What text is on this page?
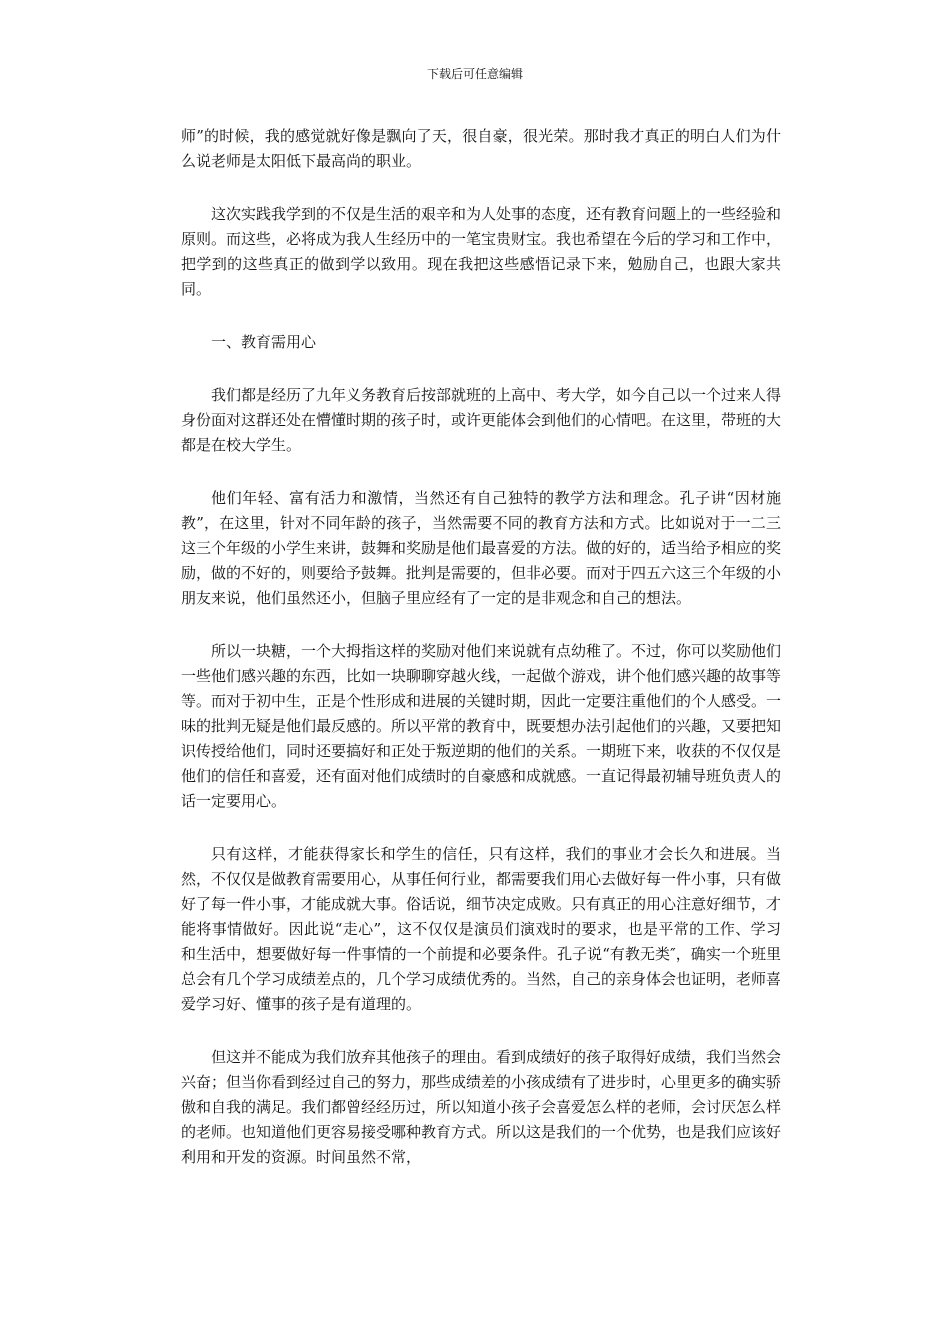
下载后可任意编辑

师”的时候，我的感觉就好像是飘向了天，很自豪，很光荣。那时我才真正的明白人们为什么说老师是太阳低下最高尚的职业。

这次实践我学到的不仅是生活的艰辛和为人处事的态度，还有教育问题上的一些经验和原则。而这些，必将成为我人生经历中的一笔宝贵财宝。我也希望在今后的学习和工作中，把学到的这些真正的做到学以致用。现在我把这些感悟记录下来，勉励自己，也跟大家共同。

一、教育需用心

我们都是经历了九年义务教育后按部就班的上高中、考大学，如今自己以一个过来人得身份面对这群还处在懵懂时期的孩子时，或许更能体会到他们的心情吧。在这里，带班的大都是在校大学生。

他们年轻、富有活力和激情，当然还有自己独特的教学方法和理念。孔子讲“因材施教”，在这里，针对不同年龄的孩子，当然需要不同的教育方法和方式。比如说对于一二三这三个年级的小学生来讲，鼓舞和奖励是他们最喜爱的方法。做的好的，适当给予相应的奖励，做的不好的，则要给予鼓舞。批判是需要的，但非必要。而对于四五六这三个年级的小朋友来说，他们虽然还小，但脑子里应经有了一定的是非观念和自己的想法。

所以一块糖，一个大拇指这样的奖励对他们来说就有点幼稚了。不过，你可以奖励他们一些他们感兴趣的东西，比如一块聊聊穿越火线，一起做个游戏，讲个他们感兴趣的故事等等。而对于初中生，正是个性形成和进展的关键时期，因此一定要注重他们的个人感受。一味的批判无疑是他们最反感的。所以平常的教育中，既要想办法引起他们的兴趣，又要把知识传授给他们，同时还要搞好和正处于叛逆期的他们的关系。一期班下来，收获的不仅仅是他们的信任和喜爱，还有面对他们成绩时的自豪感和成就感。一直记得最初辅导班负责人的话一定要用心。

只有这样，才能获得家长和学生的信任，只有这样，我们的事业才会长久和进展。当然，不仅仅是做教育需要用心，从事任何行业，都需要我们用心去做好每一件小事，只有做好了每一件小事，才能成就大事。俗话说，细节决定成败。只有真正的用心注意好细节，才能将事情做好。因此说“走心”，这不仅仅是演员们演戏时的要求，也是平常的工作、学习和生活中，想要做好每一件事情的一个前提和必要条件。孔子说“有教无类″，确实一个班里总会有几个学习成绩差点的，几个学习成绩优秀的。当然，自己的亲身体会也证明，老师喜爱学习好、懂事的孩子是有道理的。

但这并不能成为我们放弃其他孩子的理由。看到成绩好的孩子取得好成绩，我们当然会兴奋；但当你看到经过自己的努力，那些成绩差的小孩成绩有了进步时，心里更多的确实骄傲和自我的满足。我们都曾经经历过，所以知道小孩子会喜爱怎么样的老师，会讨厌怎么样的老师。也知道他们更容易接受哪种教育方式。所以这是我们的一个优势，也是我们应该好利用和开发的资源。时间虽然不常，
